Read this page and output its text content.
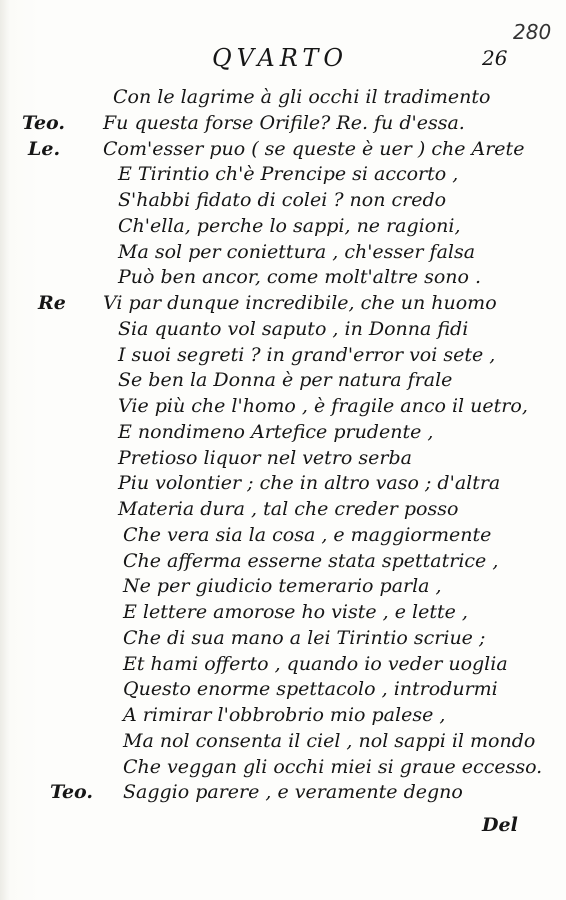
280
QVARTO	26
Con le lagrime à gli occhi il tradimento
Teo. Fu questa forse Orifile? Re. fu d'essa.
Le. Com'esser puo ( se queste è uer ) che Arete
E Tirintio ch'è Prencipe si accorto ,
S'habbi fidato di colei ? non credo
Ch'ella, perche lo sappi, ne ragioni,
Ma sol per coniettura , ch'esser falsa
Può ben ancor, come molt'altre sono .
Re Vi par dunque incredibile, che un huomo
Sia quanto vol saputo , in Donna fidi
I suoi segreti ? in grand'error voi sete ,
Se ben la Donna è per natura frale
Vie più che l'homo , è fragile anco il uetro,
E nondimeno Artefice prudente ,
Pretioso liquor nel vetro serba
Piu volontier ; che in altro vaso ; d'altra
Materia dura , tal che creder posso
Che vera sia la cosa , e maggiormente
Che afferma esserne stata spettatrice ,
Ne per giudicio temerario parla ,
E lettere amorose ho viste , e lette ,
Che di sua mano a lei Tirintio scriue ;
Et hami offerto , quando io veder uoglia
Questo enorme spettacolo , introdurmi
A rimirar l'obbrobrio mio palese ,
Ma nol consenta il ciel , nol sappi il mondo
Che veggan gli occhi miei si graue eccesso.
Teo. Saggio parere , e veramente degno
Del
